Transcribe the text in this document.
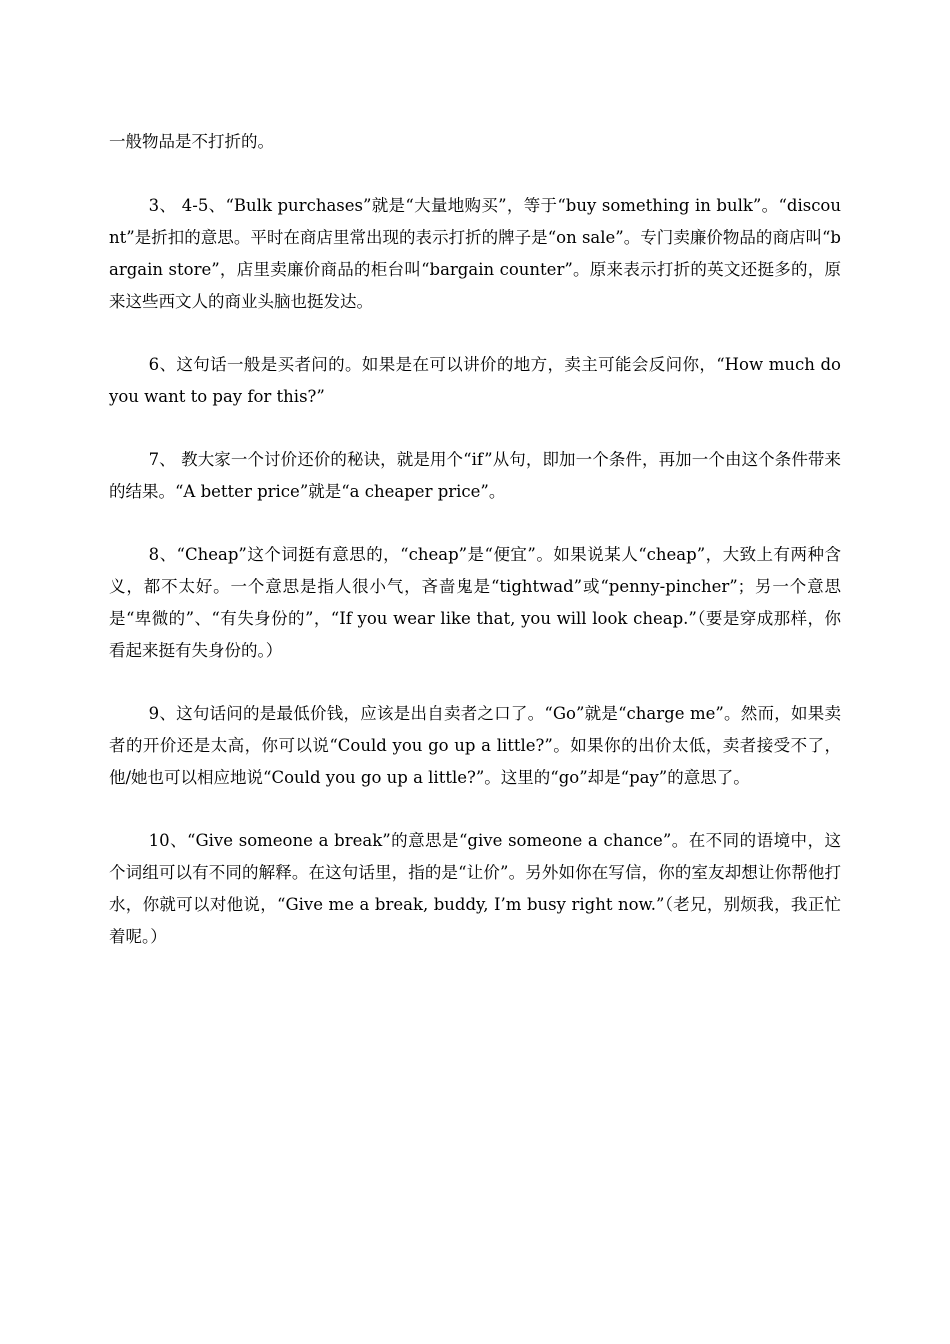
一般物品是不打折的。

3、 4-5、“Bulk purchases”就是“大量地购买”，等于“buy something in bulk”。“discount”是折扣的意思。平时在商店里常出现的表示打折的牌子是“on sale”。专门卖廉价物品的商店叫“bargain store”，店里卖廉价商品的柜台叫“bargain counter”。原来表示打折的英文还挺多的，原来这些西文人的商业头脑也挺发达。

6、这句话一般是买者问的。如果是在可以讲价的地方，卖主可能会反问你，“How much do you want to pay for this?”

7、 教大家一个讨价还价的秘诀，就是用个“if”从句，即加一个条件，再加一个由这个条件带来的结果。“A better price”就是“a cheaper price”。

8、“Cheap”这个词挺有意思的，“cheap”是“便宜”。如果说某人“cheap”，大致上有两种含义，都不太好。一个意思是指人很小气，吝啬鬼是“tightwad”或“penny-pincher”；另一个意思是“卑微的”、“有失身份的”，“If you wear like that, you will look cheap.”（要是穿成那样，你看起来挺有失身份的。）

9、这句话问的是最低价钱，应该是出自卖者之口了。“Go”就是“charge me”。然而，如果卖者的开价还是太高，你可以说“Could you go up a little?”。如果你的出价太低，卖者接受不了，他/她也可以相应地说“Could you go up a little?”。这里的“go”却是“pay”的意思了。

10、“Give someone a break”的意思是“give someone a chance”。在不同的语境中，这个词组可以有不同的解释。在这句话里，指的是“让价”。另外如你在写信，你的室友却想让你帮他打水，你就可以对他说，“Give me a break, buddy, I’m busy right now.”（老兄，别烦我，我正忙着呢。）
